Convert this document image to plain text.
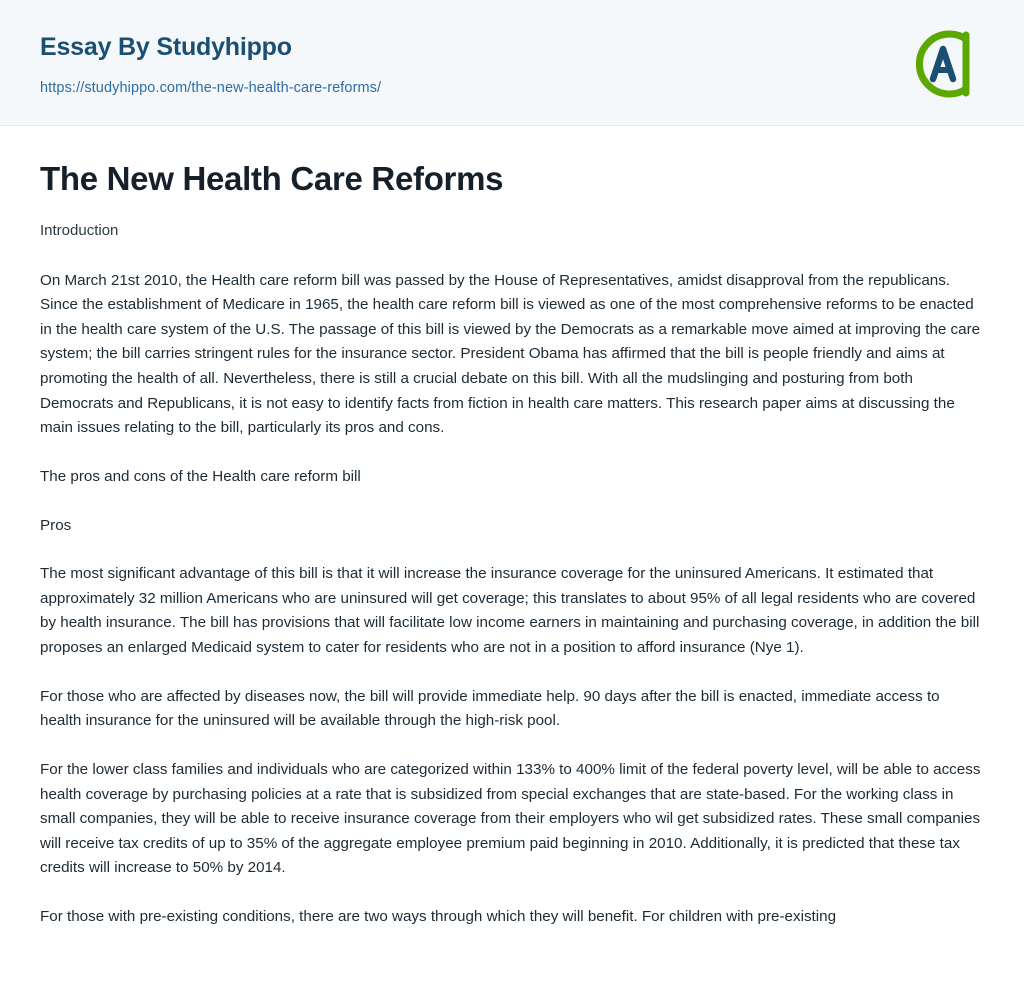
Essay By Studyhippo
https://studyhippo.com/the-new-health-care-reforms/
The New Health Care Reforms

Introduction

On March 21st 2010, the Health care reform bill was passed by the House of Representatives, amidst disapproval from the republicans. Since the establishment of Medicare in 1965, the health care reform bill is viewed as one of the most comprehensive reforms to be enacted in the health care system of the U.S. The passage of this bill is viewed by the Democrats as a remarkable move aimed at improving the care system; the bill carries stringent rules for the insurance sector. President Obama has affirmed that the bill is people friendly and aims at promoting the health of all. Nevertheless, there is still a crucial debate on this bill. With all the mudslinging and posturing from both Democrats and Republicans, it is not easy to identify facts from fiction in health care matters. This research paper aims at discussing the main issues relating to the bill, particularly its pros and cons.

The pros and cons of the Health care reform bill

Pros

The most significant advantage of this bill is that it will increase the insurance coverage for the uninsured Americans. It estimated that approximately 32 million Americans who are uninsured will get coverage; this translates to about 95% of all legal residents who are covered by health insurance. The bill has provisions that will facilitate low income earners in maintaining and purchasing coverage, in addition the bill proposes an enlarged Medicaid system to cater for residents who are not in a position to afford insurance (Nye 1).

For those who are affected by diseases now, the bill will provide immediate help. 90 days after the bill is enacted, immediate access to health insurance for the uninsured will be available through the high-risk pool.

For the lower class families and individuals who are categorized within 133% to 400% limit of the federal poverty level, will be able to access health coverage by purchasing policies at a rate that is subsidized from special exchanges that are state-based. For the working class in small companies, they will be able to receive insurance coverage from their employers who wil get subsidized rates. These small companies will receive tax credits of up to 35% of the aggregate employee premium paid beginning in 2010. Additionally, it is predicted that these tax credits will increase to 50% by 2014.

For those with pre-existing conditions, there are two ways through which they will benefit. For children with pre-existing
